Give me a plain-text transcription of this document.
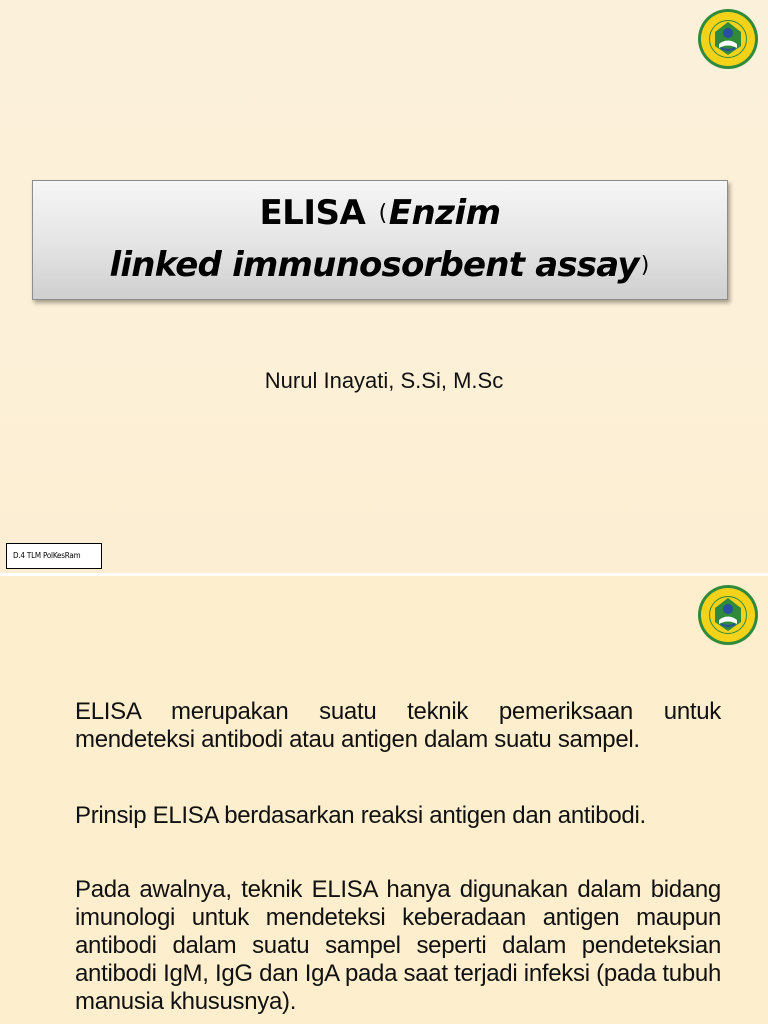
ELISA (Enzim
linked immunosorbent assay)
Nurul Inayati, S.Si, M.Sc
D.4 TLM PolKesRam
ELISA merupakan suatu teknik pemeriksaan untuk mendeteksi antibodi atau antigen dalam suatu sampel.
Prinsip ELISA berdasarkan reaksi antigen dan antibodi.
Pada awalnya, teknik ELISA hanya digunakan dalam bidang imunologi untuk mendeteksi keberadaan antigen maupun antibodi dalam suatu sampel seperti dalam pendeteksian antibodi IgM, IgG dan IgA pada saat terjadi infeksi (pada tubuh manusia khususnya).
